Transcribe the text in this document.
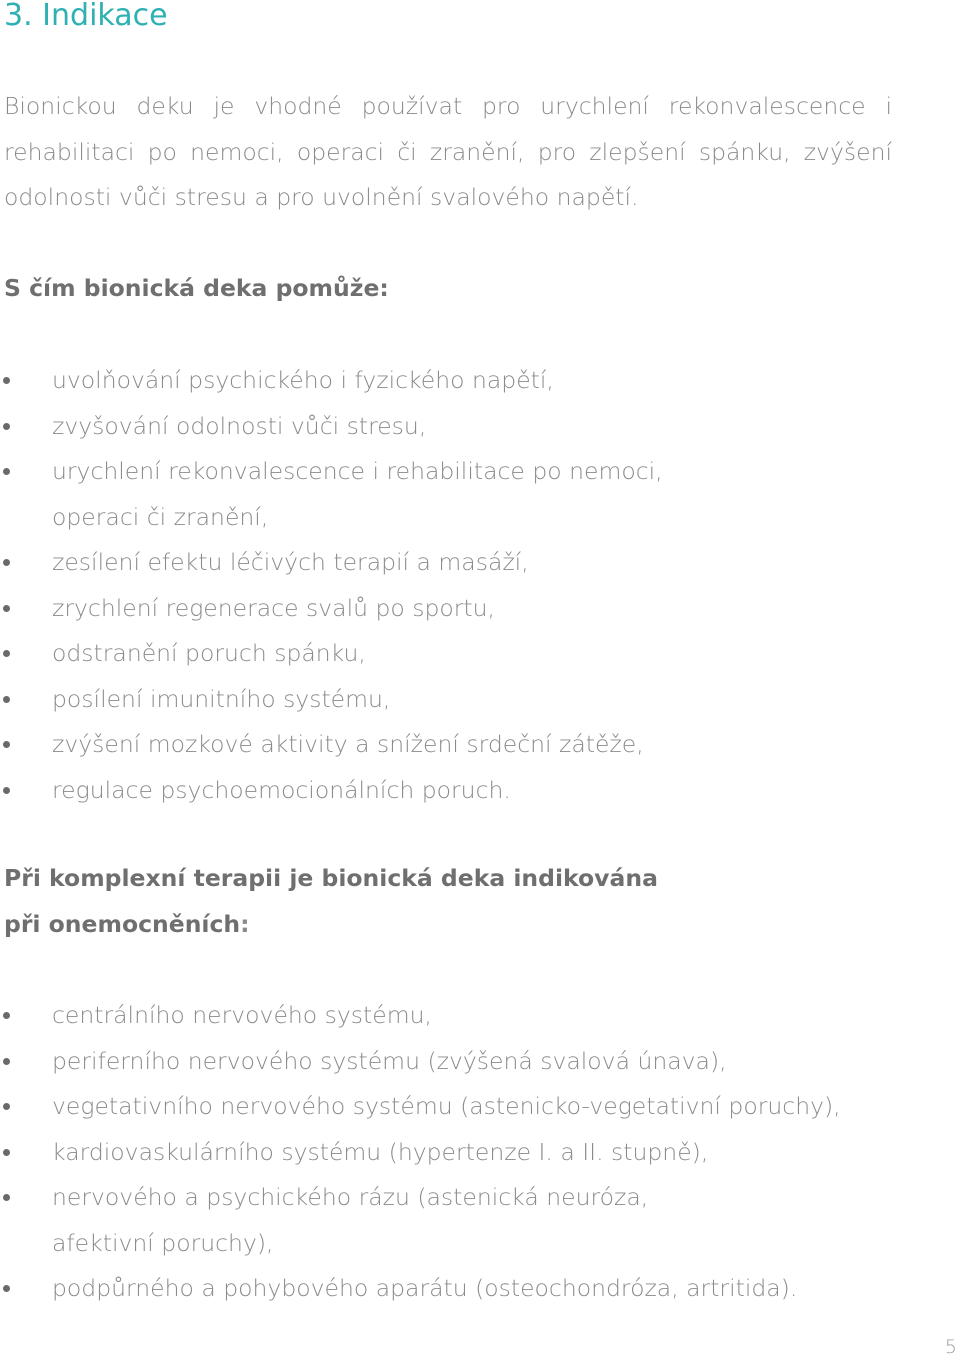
3. Indikace

Bionickou deku je vhodné používat pro urychlení rekonvalescence i rehabilitaci po nemoci, operaci či zranění, pro zlepšení spánku, zvýšení odolnosti vůči stresu a pro uvolnění svalového napětí.

S čím bionická deka pomůže:
uvolňování psychického i fyzického napětí,
zvyšování odolnosti vůči stresu,
urychlení rekonvalescence i rehabilitace po nemoci,
operaci či zranění,
zesílení efektu léčivých terapií a masáží,
zrychlení regenerace svalů po sportu,
odstranění poruch spánku,
posílení imunitního systému,
zvýšení mozkové aktivity a snížení srdeční zátěže,
regulace psychoemocionálních poruch.
Při komplexní terapii je bionická deka indikována
při onemocněních:
centrálního nervového systému,
periferního nervového systému (zvýšená svalová únava),
vegetativního nervového systému (astenicko-vegetativní poruchy),
kardiovaskulárního systému (hypertenze I. a II. stupně),
nervového a psychického rázu (astenická neuróza,
afektivní poruchy),
podpůrného a pohybového aparátu (osteochondróza, artritida).
5
